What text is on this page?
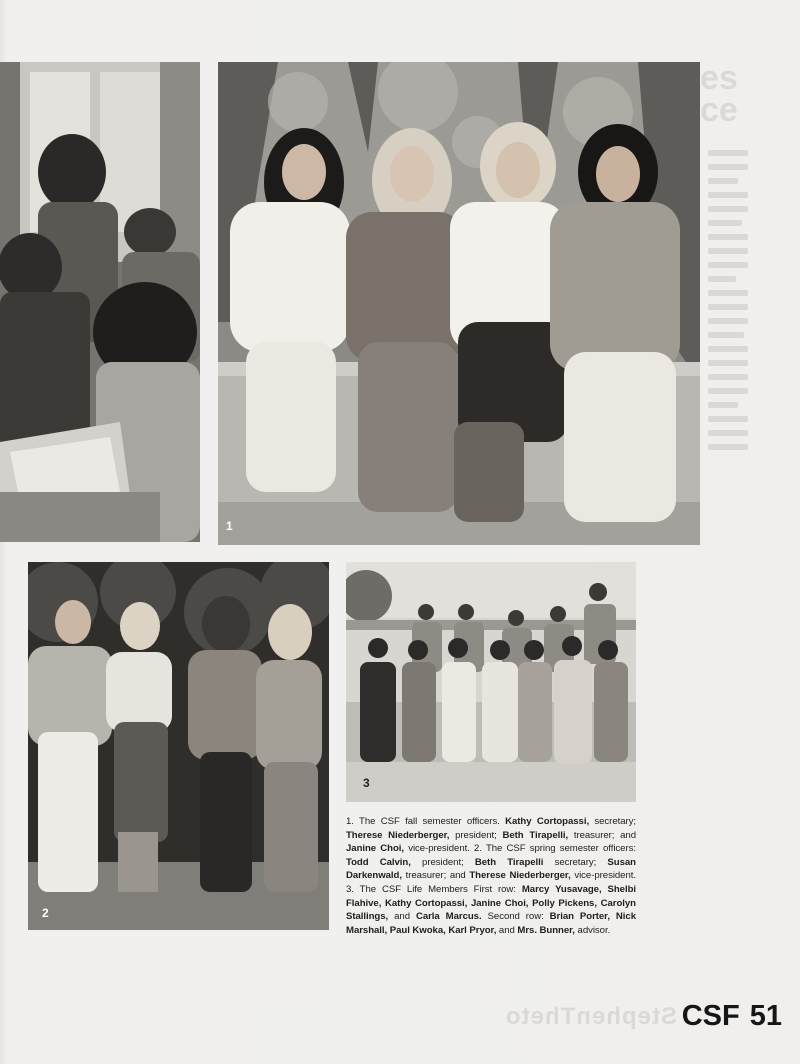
es
ce
StephenTheto
1
2
3
1. The CSF fall semester officers. Kathy Cortopassi, secretary; Therese Niederberger, president; Beth Tirapelli, treasurer; and Janine Choi, vice-president. 2. The CSF spring semester officers: Todd Calvin, president; Beth Tirapelli secretary; Susan Darkenwald, treasurer; and Therese Niederberger, vice-president. 3. The CSF Life Members First row: Marcy Yusavage, Shelbi Flahive, Kathy Cortopassi, Janine Choi, Polly Pickens, Carolyn Stallings, and Carla Marcus. Second row: Brian Porter, Nick Marshall, Paul Kwoka, Karl Pryor, and Mrs. Bunner, advisor.
CSF 51
